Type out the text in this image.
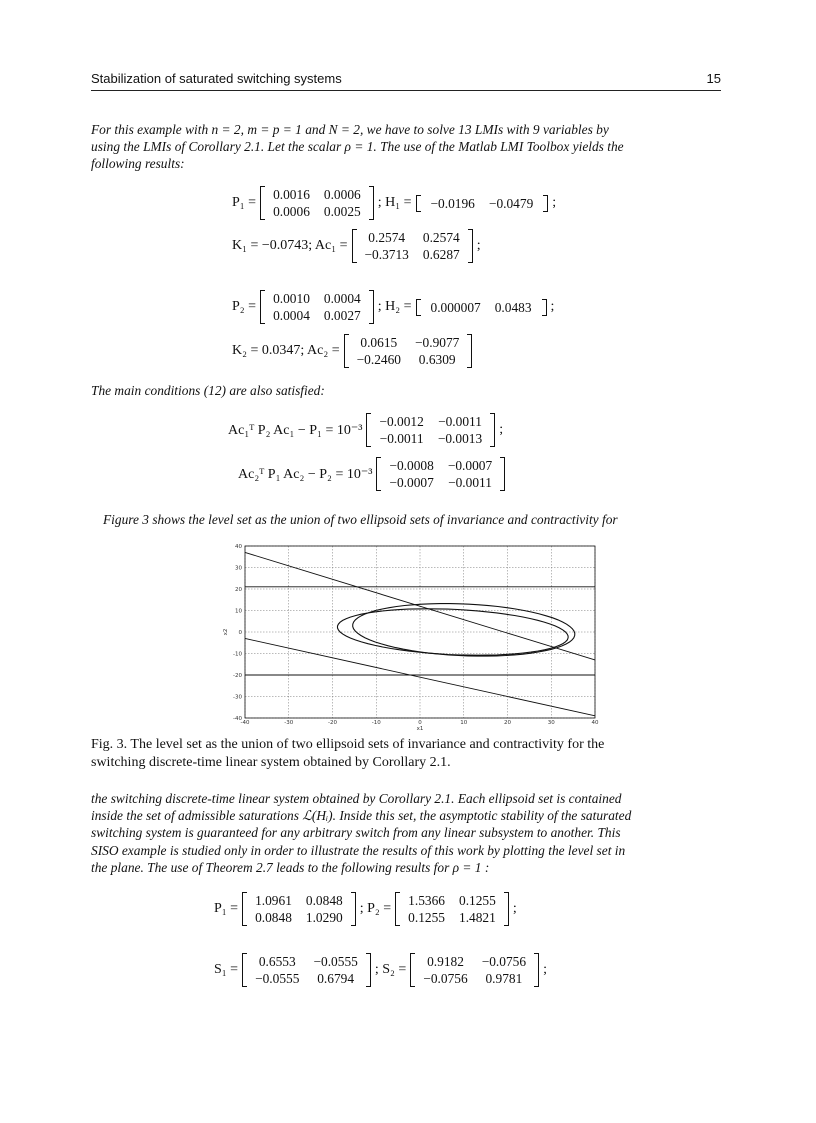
Stabilization of saturated switching systems	15
For this example with n = 2, m = p = 1 and N = 2, we have to solve 13 LMIs with 9 variables by
using the LMIs of Corollary 2.1. Let the scalar ρ = 1. The use of the Matlab LMI Toolbox yields the
following results:
P₁ =
0.0016	0.0006
0.0006	0.0025
; H₁ =	−0.0196	−0.0479	;
K₁ = −0.0743; Ac₁ =
0.2574	0.2574
−0.3713	0.6287
;
P₂ =
0.0010	0.0004
0.0004	0.0027
; H₂ =	0.000007	0.0483	;
K₂ = 0.0347; Ac₂ =
0.0615	−0.9077
−0.2460	0.6309
The main conditions (12) are also satisfied:
Ac₁ᵀ P₂ Ac₁ − P₁ = 10⁻³
−0.0012	−0.0011
−0.0011	−0.0013
;
Ac₂ᵀ P₁ Ac₂ − P₂ = 10⁻³
−0.0008	−0.0007
−0.0007	−0.0011
Figure 3 shows the level set as the union of two ellipsoid sets of invariance and contractivity for
-40	-30	-20	-10	0	10	20	30	40
-40
-30
-20
-10
0
10
20
30
40
x1
x2
Fig. 3. The level set as the union of two ellipsoid sets of invariance and contractivity for the
switching discrete-time linear system obtained by Corollary 2.1.
the switching discrete-time linear system obtained by Corollary 2.1. Each ellipsoid set is contained
inside the set of admissible saturations ℒ(Hᵢ). Inside this set, the asymptotic stability of the saturated
switching system is guaranteed for any arbitrary switch from any linear subsystem to another. This
SISO example is studied only in order to illustrate the results of this work by plotting the level set in
the plane. The use of Theorem 2.7 leads to the following results for ρ = 1 :
P₁ =
1.0961	0.0848
0.0848	1.0290
; P₂ =
1.5366	0.1255
0.1255	1.4821
;
S₁ =
0.6553	−0.0555
−0.0555	0.6794
; S₂ =
0.9182	−0.0756
−0.0756	0.9781
;
